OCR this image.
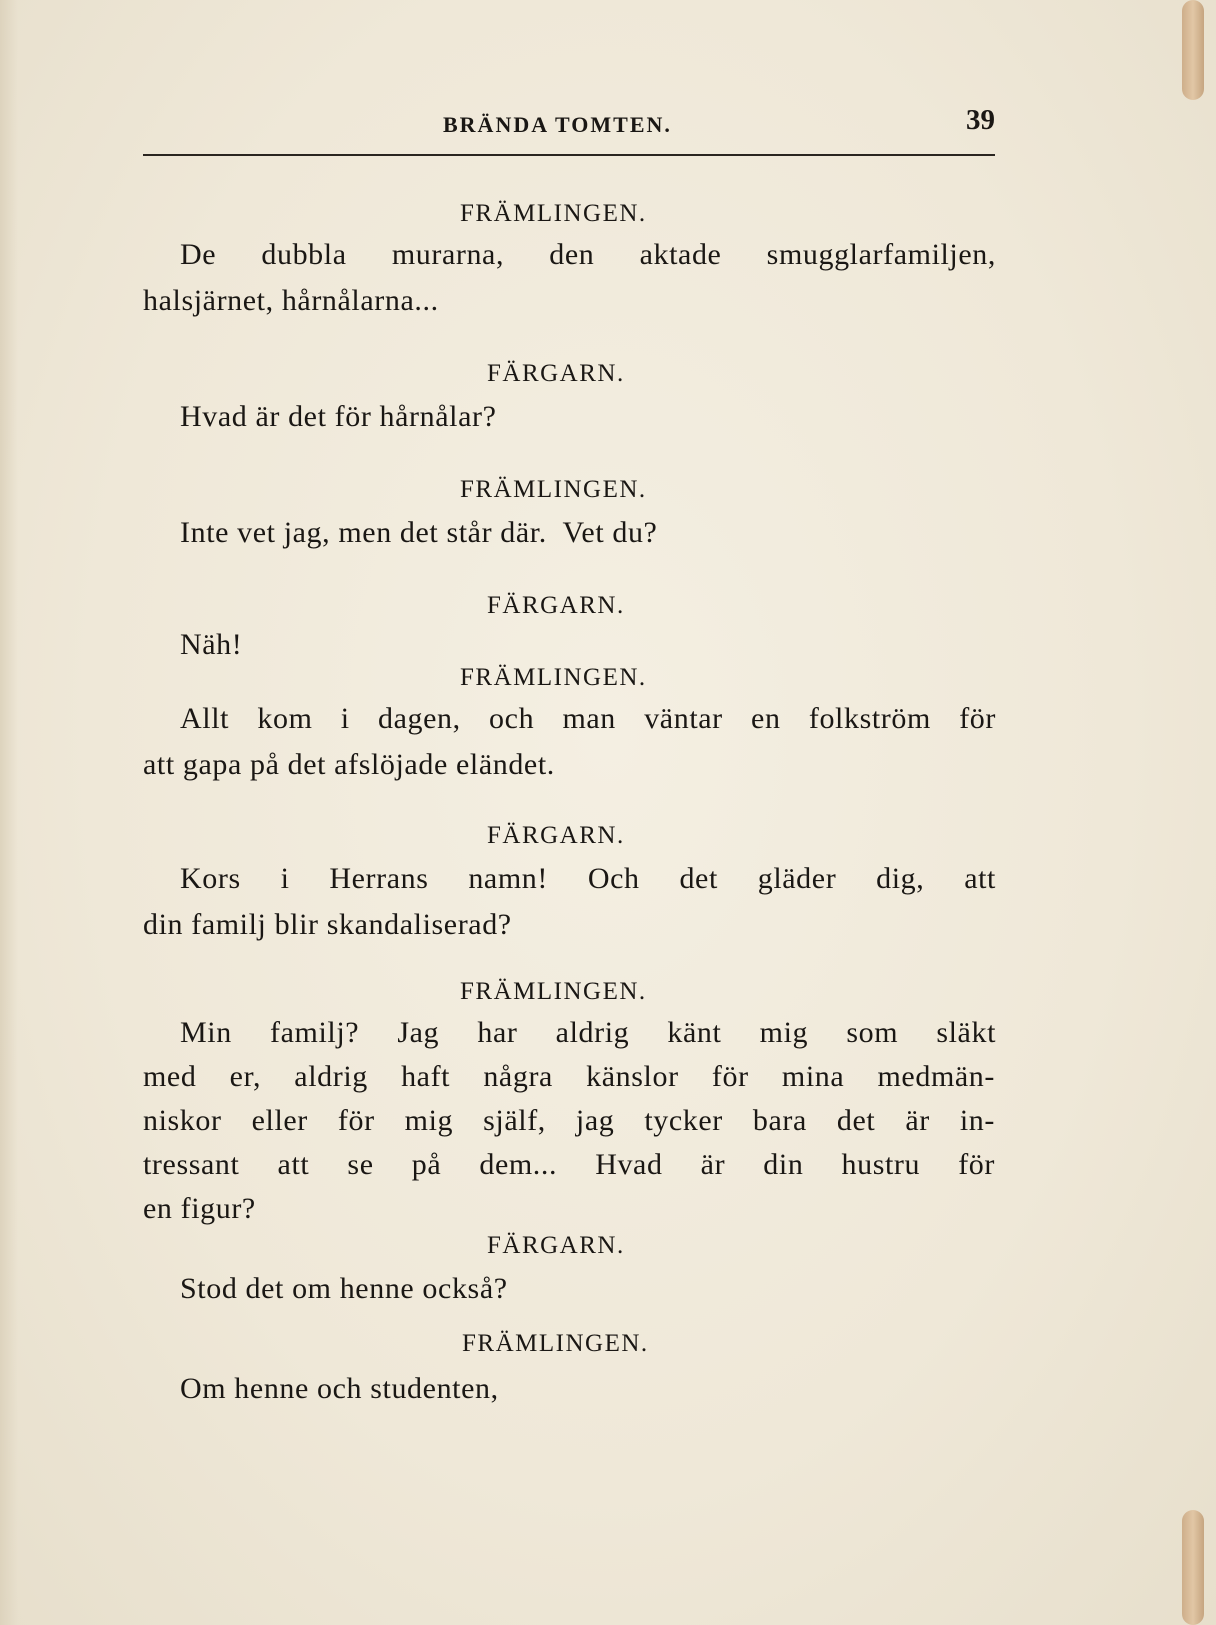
BRÄNDA TOMTEN.	39
FRÄMLINGEN.
De dubbla murarna, den aktade smugglarfamiljen,
halsjärnet, hårnålarna...
FÄRGARN.
Hvad är det för hårnålar?
FRÄMLINGEN.
Inte vet jag, men det står där.  Vet du?
FÄRGARN.
Näh!
FRÄMLINGEN.
Allt kom i dagen, och man väntar en folkström för
att gapa på det afslöjade eländet.
FÄRGARN.
Kors i Herrans namn! Och det gläder dig, att
din familj blir skandaliserad?
FRÄMLINGEN.
Min familj? Jag har aldrig känt mig som släkt
med er, aldrig haft några känslor för mina medmän-
niskor eller för mig själf, jag tycker bara det är in-
tressant att se på dem... Hvad är din hustru för
en figur?
FÄRGARN.
Stod det om henne också?
FRÄMLINGEN.
Om henne och studenten,
